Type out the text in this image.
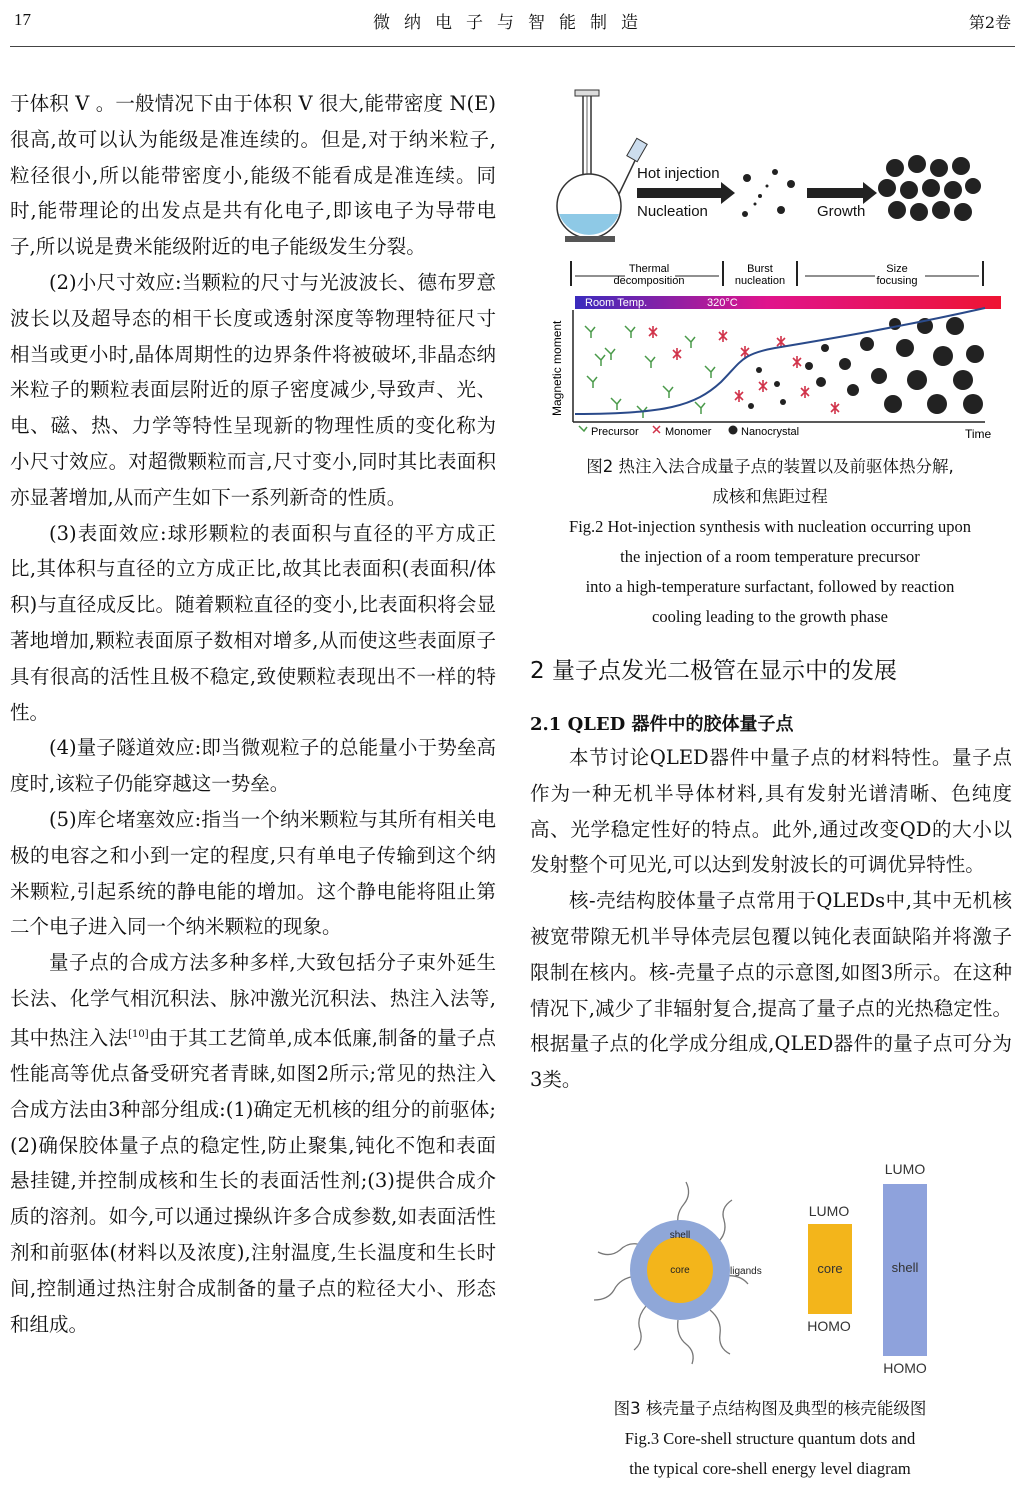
17	微纳电子与智能制造	第2卷

于体积 V 。一般情况下由于体积 V 很大,能带密度 N(E) 很高,故可以认为能级是准连续的。但是,对于纳米粒子,粒径很小,所以能带密度小,能级不能看成是准连续。同时,能带理论的出发点是共有化电子,即该电子为导带电子,所以说是费米能级附近的电子能级发生分裂。

(2)小尺寸效应:当颗粒的尺寸与光波波长、德布罗意波长以及超导态的相干长度或透射深度等物理特征尺寸相当或更小时,晶体周期性的边界条件将被破坏,非晶态纳米粒子的颗粒表面层附近的原子密度减少,导致声、光、电、磁、热、力学等特性呈现新的物理性质的变化称为小尺寸效应。对超微颗粒而言,尺寸变小,同时其比表面积亦显著增加,从而产生如下一系列新奇的性质。

(3)表面效应:球形颗粒的表面积与直径的平方成正比,其体积与直径的立方成正比,故其比表面积(表面积/体积)与直径成反比。随着颗粒直径的变小,比表面积将会显著地增加,颗粒表面原子数相对增多,从而使这些表面原子具有很高的活性且极不稳定,致使颗粒表现出不一样的特性。

(4)量子隧道效应:即当微观粒子的总能量小于势垒高度时,该粒子仍能穿越这一势垒。

(5)库仑堵塞效应:指当一个纳米颗粒与其所有相关电极的电容之和小到一定的程度,只有单电子传输到这个纳米颗粒,引起系统的静电能的增加。这个静电能将阻止第二个电子进入同一个纳米颗粒的现象。

量子点的合成方法多种多样,大致包括分子束外延生长法、化学气相沉积法、脉冲激光沉积法、热注入法等,其中热注入法[10]由于其工艺简单,成本低廉,制备的量子点性能高等优点备受研究者青睐,如图2所示;常见的热注入合成方法由3种部分组成:(1)确定无机核的组分的前驱体;(2)确保胶体量子点的稳定性,防止聚集,钝化不饱和表面悬挂键,并控制成核和生长的表面活性剂;(3)提供合成介质的溶剂。如今,可以通过操纵许多合成参数,如表面活性剂和前驱体(材料以及浓度),注射温度,生长温度和生长时间,控制通过热注射合成制备的量子点的粒径大小、形态和组成。

Hot injection
Nucleation	Growth
Thermal
decomposition
Burst
nucleation
Size
focusing
Room Temp.	320°C
Magnetic moment
Time
Precursor Monomer	Nanocrystal
图2 热注入法合成量子点的装置以及前驱体热分解,
成核和焦距过程
Fig.2 Hot-injection synthesis with nucleation occurring upon
the injection of a room temperature precursor
into a high-temperature surfactant, followed by reaction
cooling leading to the growth phase
2 量子点发光二极管在显示中的发展
2.1 QLED 器件中的胶体量子点

本节讨论QLED器件中量子点的材料特性。量子点作为一种无机半导体材料,具有发射光谱清晰、色纯度高、光学稳定性好的特点。此外,通过改变QD的大小以发射整个可见光,可以达到发射波长的可调优异特性。

核-壳结构胶体量子点常用于QLEDs中,其中无机核被宽带隙无机半导体壳层包覆以钝化表面缺陷并将激子限制在核内。核-壳量子点的示意图,如图3所示。在这种情况下,减少了非辐射复合,提高了量子点的光热稳定性。根据量子点的化学成分组成,QLED器件的量子点可分为3类。

shell
core	ligands
LUMO
core
HOMO
LUMO
shell
HOMO
图3 核壳量子点结构图及典型的核壳能级图
Fig.3 Core-shell structure quantum dots and
the typical core-shell energy level diagram
